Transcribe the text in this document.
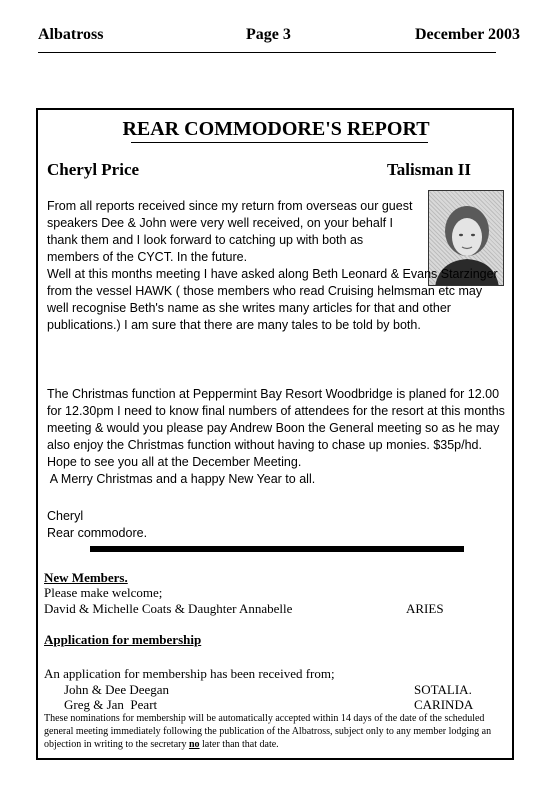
Albatross	Page 3	December 2003
REAR COMMODORE'S REPORT
Cheryl Price	Talisman II

From all reports received since my return from overseas our guest speakers Dee & John were very well received, on your behalf I thank them and I look forward to catching up with both as members of the CYCT. In the future.

Well at this months meeting I have asked along Beth Leonard & Evans Starzinger from the vessel HAWK ( those members who read Cruising helmsman etc may well recognise Beth's name as she writes many articles for that and other publications.) I am sure that there are many tales to be told by both.

The Christmas function at Peppermint Bay Resort Woodbridge is planed for 12.00 for 12.30pm I need to know final numbers of attendees for the resort at this months meeting & would you please pay Andrew Boon the General meeting so as he may also enjoy the Christmas function without having to chase up monies. $35p/hd.
Hope to see you all at the December Meeting.
A Merry Christmas and a happy New Year to all.
Cheryl
Rear commodore.
New Members.
Please make welcome;
David & Michelle Coats & Daughter Annabelle	ARIES
Application for membership
An application for membership has been received from;
John & Dee Deegan	SOTALIA.
Greg & Jan  Peart	CARINDA

These nominations for membership will be automatically accepted within 14 days of the date of the scheduled general meeting immediately following the publication of the Albatross, subject only to any member lodging an objection in writing to the secretary no later than that date.
